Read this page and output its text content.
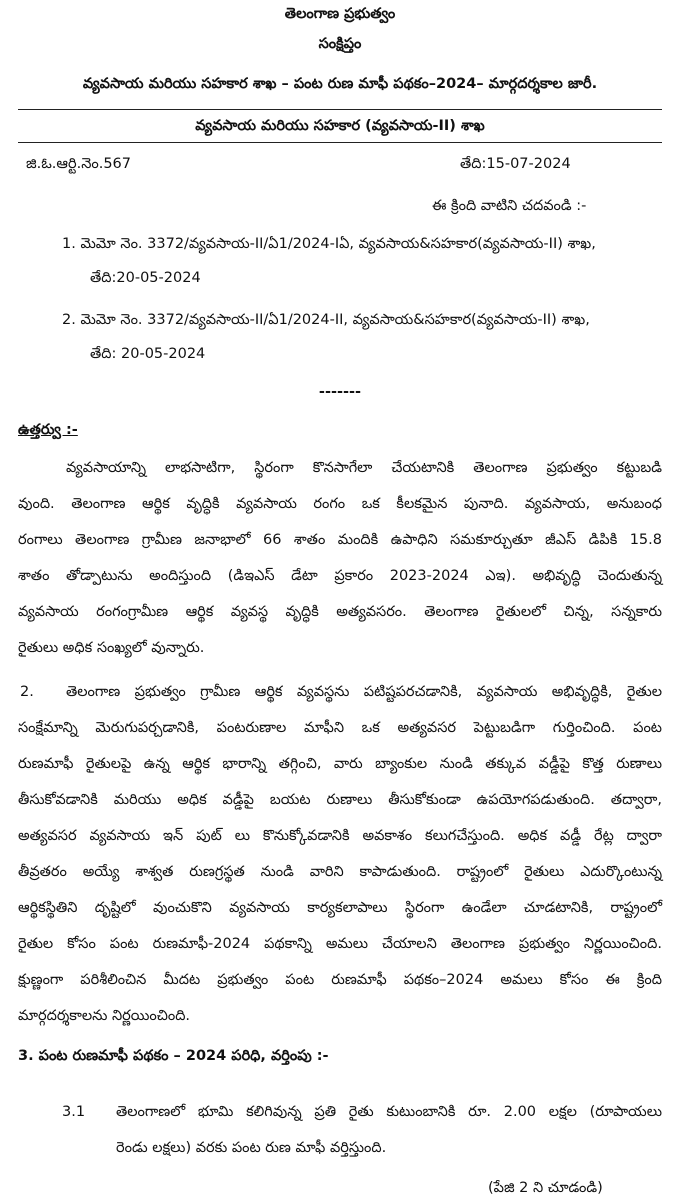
తెలంగాణ ప్రభుత్వం
సంక్షిప్తం
వ్యవసాయ మరియు సహకార శాఖ – పంట రుణ మాఫీ పథకం–2024– మార్గదర్శకాల జారీ.
వ్యవసాయ మరియు సహకార (వ్యవసాయ-II) శాఖ
జి.ఓ.ఆర్టి.నెం.567	తేది:15-07-2024
ఈ క్రింది వాటిని చదవండి :-
1. మెమో నెం. 3372/వ్యవసాయ-II/ఏ1/2024-Iఏ, వ్యవసాయ&సహకార(వ్యవసాయ-II) శాఖ,
తేది:20-05-2024
2. మెమో నెం. 3372/వ్యవసాయ-II/ఏ1/2024-II, వ్యవసాయ&సహకార(వ్యవసాయ-II) శాఖ,
తేది: 20-05-2024
-------
ఉత్తర్వు :-
వ్యవసాయాన్ని లాభసాటిగా, స్థిరంగా కొనసాగేలా చేయటానికి తెలంగాణ ప్రభుత్వం కట్టుబడి
వుంది. తెలంగాణ ఆర్థిక వృద్ధికి వ్యవసాయ రంగం ఒక కీలకమైన పునాది. వ్యవసాయ, అనుబంధ
రంగాలు తెలంగాణ గ్రామీణ జనాభాలో 66 శాతం మందికి ఉపాధిని సమకూర్చుతూ జీఎస్ డిపికి 15.8
శాతం తోడ్పాటును అందిస్తుంది (డిఇఎస్ డేటా ప్రకారం 2023-2024 ఎఇ). అభివృద్ధి చెందుతున్న
వ్యవసాయ రంగంగ్రామీణ ఆర్థిక వ్యవస్థ వృద్ధికి అత్యవసరం. తెలంగాణ రైతులలో చిన్న, సన్నకారు
రైతులు అధిక సంఖ్యలో వున్నారు.
2. తెలంగాణ ప్రభుత్వం గ్రామీణ ఆర్థిక వ్యవస్థను పటిష్టపరచడానికి, వ్యవసాయ అభివృద్ధికి, రైతుల
సంక్షేమాన్ని మెరుగుపర్చడానికి, పంటరుణాల మాఫీని ఒక అత్యవసర పెట్టుబడిగా గుర్తించింది. పంట
రుణమాఫీ రైతులపై ఉన్న ఆర్థిక భారాన్ని తగ్గించి, వారు బ్యాంకుల నుండి తక్కువ వడ్డీపై కొత్త రుణాలు
తీసుకోవడానికి మరియు అధిక వడ్డీపై బయట రుణాలు తీసుకోకుండా ఉపయోగపడుతుంది. తద్వారా,
అత్యవసర వ్యవసాయ ఇన్ పుట్ లు కొనుక్కోవడానికి అవకాశం కలుగచేస్తుంది. అధిక వడ్డీ రేట్ల ద్వారా
తీవ్రతరం అయ్యే శాశ్వత రుణగ్రస్థత నుండి వారిని కాపాడుతుంది. రాష్ట్రంలో రైతులు ఎదుర్కొంటున్న
ఆర్థికస్థితిని దృష్టిలో వుంచుకొని వ్యవసాయ కార్యకలాపాలు స్థిరంగా ఉండేలా చూడటానికి, రాష్ట్రంలో
రైతుల కోసం పంట రుణమాఫీ-2024 పథకాన్ని అమలు చేయాలని తెలంగాణ ప్రభుత్వం నిర్ణయించింది.
క్షుణ్ణంగా పరిశీలించిన మీదట ప్రభుత్వం పంట రుణమాఫీ పథకం–2024 అమలు కోసం ఈ క్రింది
మార్గదర్శకాలను నిర్ణయించింది.
3. పంట రుణమాఫీ పథకం – 2024 పరిధి, వర్తింపు :-
3.1 తెలంగాణలో భూమి కలిగివున్న ప్రతి రైతు కుటుంబానికి రూ. 2.00 లక్షల (రూపాయలు
రెండు లక్షలు) వరకు పంట రుణ మాఫీ వర్తిస్తుంది.
(పేజి 2 ని చూడండి)
